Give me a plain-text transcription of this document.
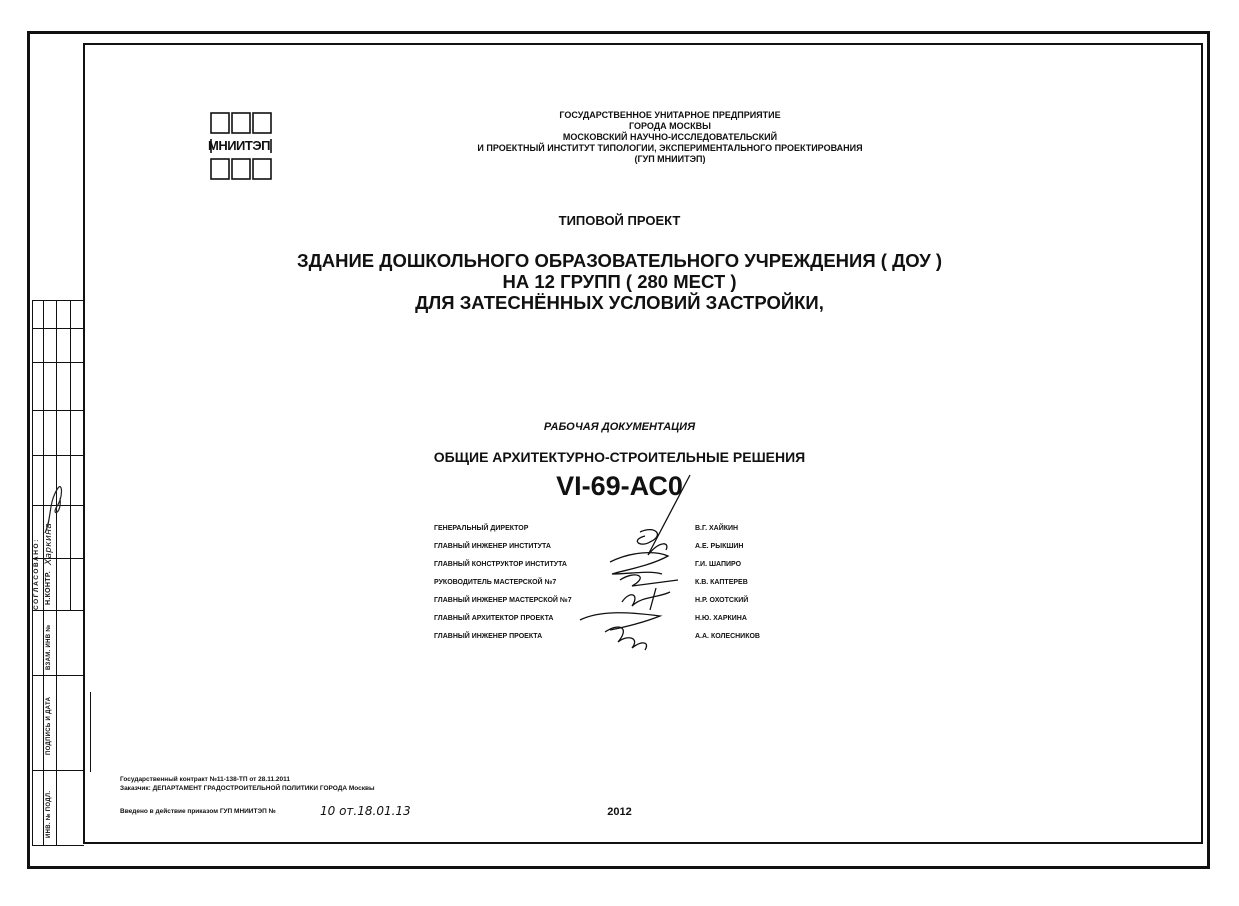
СОГЛАСОВАНО: Н.КОНТР.
Харкина
ВЗАМ. ИНВ №
ПОДПИСЬ И ДАТА
ИНВ. № ПОДЛ.
МНИИТЭП
ГОСУДАРСТВЕННОЕ УНИТАРНОЕ ПРЕДПРИЯТИЕ
ГОРОДА МОСКВЫ
МОСКОВСКИЙ НАУЧНО-ИССЛЕДОВАТЕЛЬСКИЙ
И ПРОЕКТНЫЙ ИНСТИТУТ ТИПОЛОГИИ, ЭКСПЕРИМЕНТАЛЬНОГО ПРОЕКТИРОВАНИЯ
(ГУП МНИИТЭП)
ТИПОВОЙ ПРОЕКТ
ЗДАНИЕ ДОШКОЛЬНОГО ОБРАЗОВАТЕЛЬНОГО УЧРЕЖДЕНИЯ ( ДОУ )
НА 12 ГРУПП ( 280 МЕСТ )
ДЛЯ ЗАТЕСНЁННЫХ УСЛОВИЙ ЗАСТРОЙКИ,
РАБОЧАЯ ДОКУМЕНТАЦИЯ
ОБЩИЕ АРХИТЕКТУРНО-СТРОИТЕЛЬНЫЕ РЕШЕНИЯ
VI-69-АС0
ГЕНЕРАЛЬНЫЙ ДИРЕКТОР	В.Г. ХАЙКИН
ГЛАВНЫЙ ИНЖЕНЕР ИНСТИТУТА	А.Е. РЫКШИН
ГЛАВНЫЙ КОНСТРУКТОР ИНСТИТУТА	Г.И. ШАПИРО
РУКОВОДИТЕЛЬ МАСТЕРСКОЙ №7	К.В. КАПТЕРЕВ
ГЛАВНЫЙ ИНЖЕНЕР МАСТЕРСКОЙ №7	Н.Р. ОХОТСКИЙ
ГЛАВНЫЙ АРХИТЕКТОР ПРОЕКТА	Н.Ю. ХАРКИНА
ГЛАВНЫЙ ИНЖЕНЕР ПРОЕКТА	А.А. КОЛЕСНИКОВ
Государственный контракт №11-138-ТП от 28.11.2011
Заказчик: ДЕПАРТАМЕНТ ГРАДОСТРОИТЕЛЬНОЙ ПОЛИТИКИ ГОРОДА Москвы
Введено в действие приказом ГУП МНИИТЭП №	10 от.18.01.13	2012
